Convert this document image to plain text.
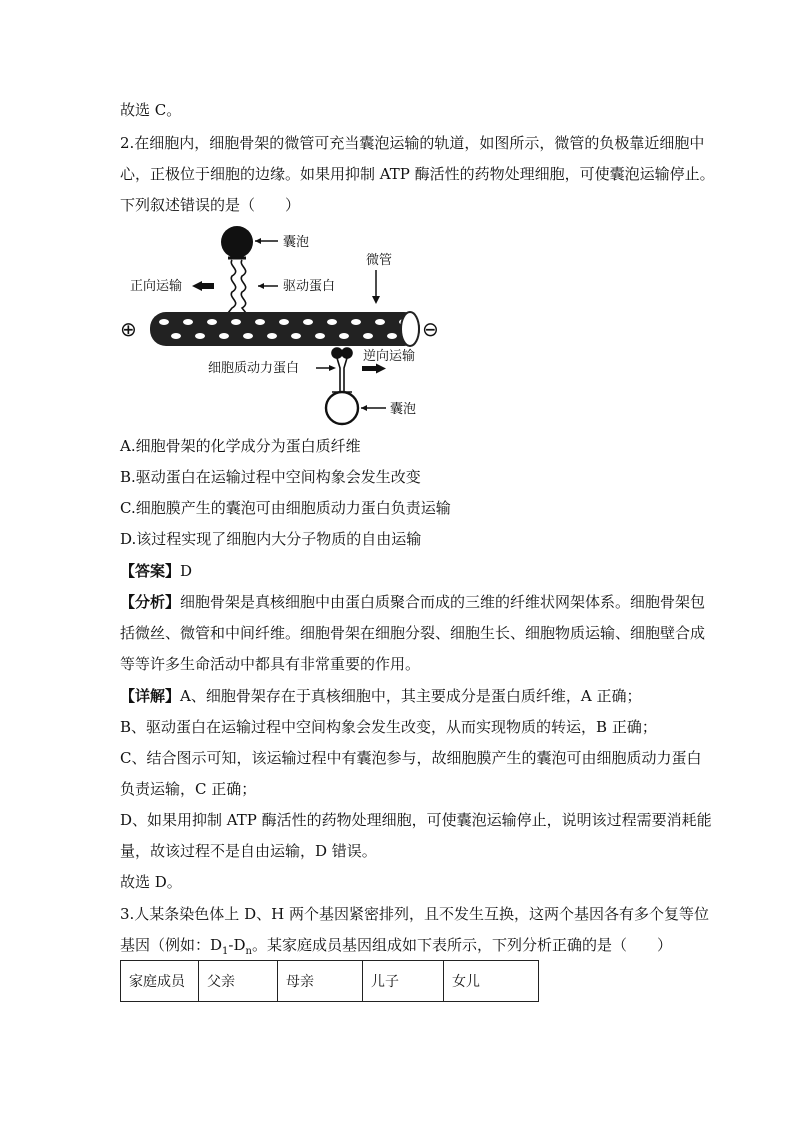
故选 C。
2.在细胞内，细胞骨架的微管可充当囊泡运输的轨道，如图所示，微管的负极靠近细胞中
心，正极位于细胞的边缘。如果用抑制 ATP 酶活性的药物处理细胞，可使囊泡运输停止。
下列叙述错误的是（　　）
囊泡
驱动蛋白
正向运输
微管
⊕	⊖
逆向运输
细胞质动力蛋白
囊泡
A.细胞骨架的化学成分为蛋白质纤维
B.驱动蛋白在运输过程中空间构象会发生改变
C.细胞膜产生的囊泡可由细胞质动力蛋白负责运输
D.该过程实现了细胞内大分子物质的自由运输
【答案】D
【分析】细胞骨架是真核细胞中由蛋白质聚合而成的三维的纤维状网架体系。细胞骨架包
括微丝、微管和中间纤维。细胞骨架在细胞分裂、细胞生长、细胞物质运输、细胞壁合成
等等许多生命活动中都具有非常重要的作用。
【详解】A、细胞骨架存在于真核细胞中，其主要成分是蛋白质纤维，A 正确；
B、驱动蛋白在运输过程中空间构象会发生改变，从而实现物质的转运，B 正确；
C、结合图示可知，该运输过程中有囊泡参与，故细胞膜产生的囊泡可由细胞质动力蛋白
负责运输，C 正确；
D、如果用抑制 ATP 酶活性的药物处理细胞，可使囊泡运输停止，说明该过程需要消耗能
量，故该过程不是自由运输，D 错误。
故选 D。
3.人某条染色体上 D、H 两个基因紧密排列，且不发生互换，这两个基因各有多个复等位
基因（例如：$D_1-D_n$。某家庭成员基因组成如下表所示，下列分析正确的是（　　）
家庭成员	父亲	母亲	儿子	女儿
